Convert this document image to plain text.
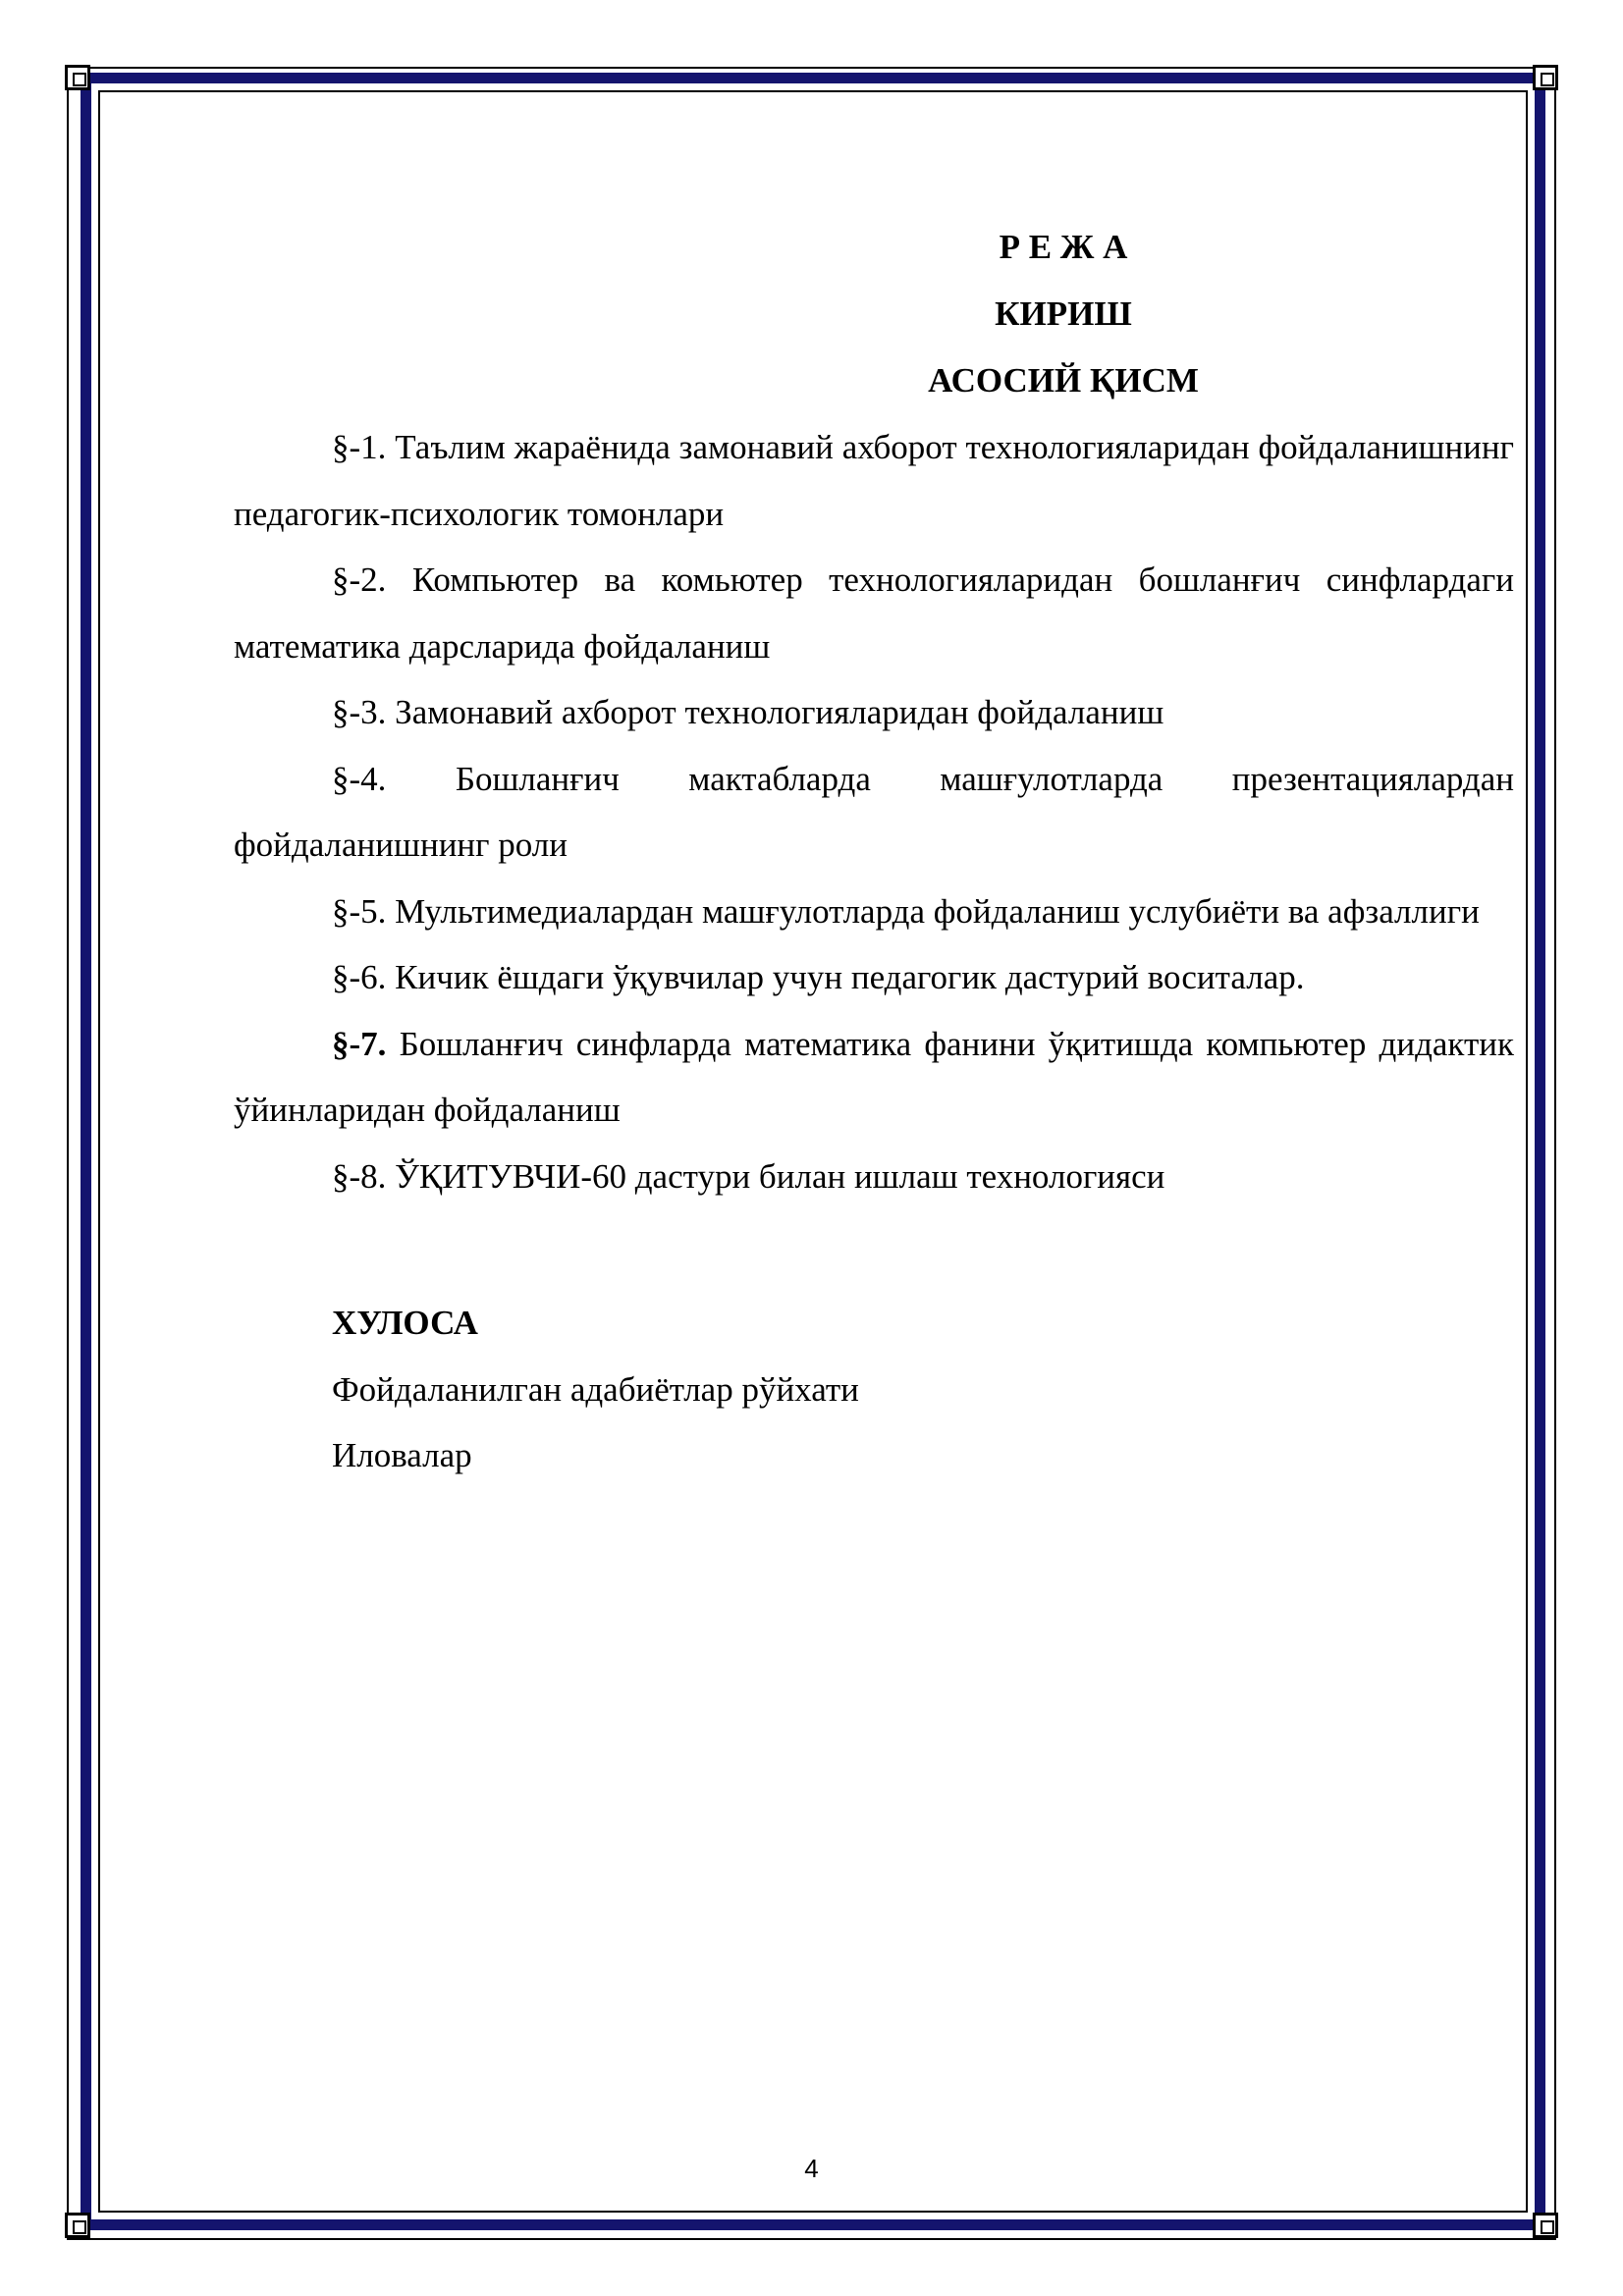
Р Е Ж А
КИРИШ
АСОСИЙ ҚИСМ

§-1. Таълим жараёнида замонавий ахборот технологияларидан фойдаланишнинг педагогик-психологик томонлари

§-2. Компьютер ва комьютер технологияларидан бошланғич синфлардаги математика дарсларида фойдаланиш

§-3. Замонавий ахборот технологияларидан фойдаланиш

§-4. Бошланғич мактабларда машғулотларда презентациялардан фойдаланишнинг роли

§-5. Мультимедиалардан машғулотларда фойдаланиш услубиёти ва афзаллиги

§-6. Кичик ёшдаги ўқувчилар учун педагогик дастурий воситалар.

§-7. Бошланғич синфларда математика фанини ўқитишда компьютер дидактик ўйинларидан фойдаланиш

§-8. ЎҚИТУВЧИ-60 дастури билан ишлаш технологияси

ХУЛОСА

Фойдаланилган адабиётлар рўйхати

Иловалар

4
